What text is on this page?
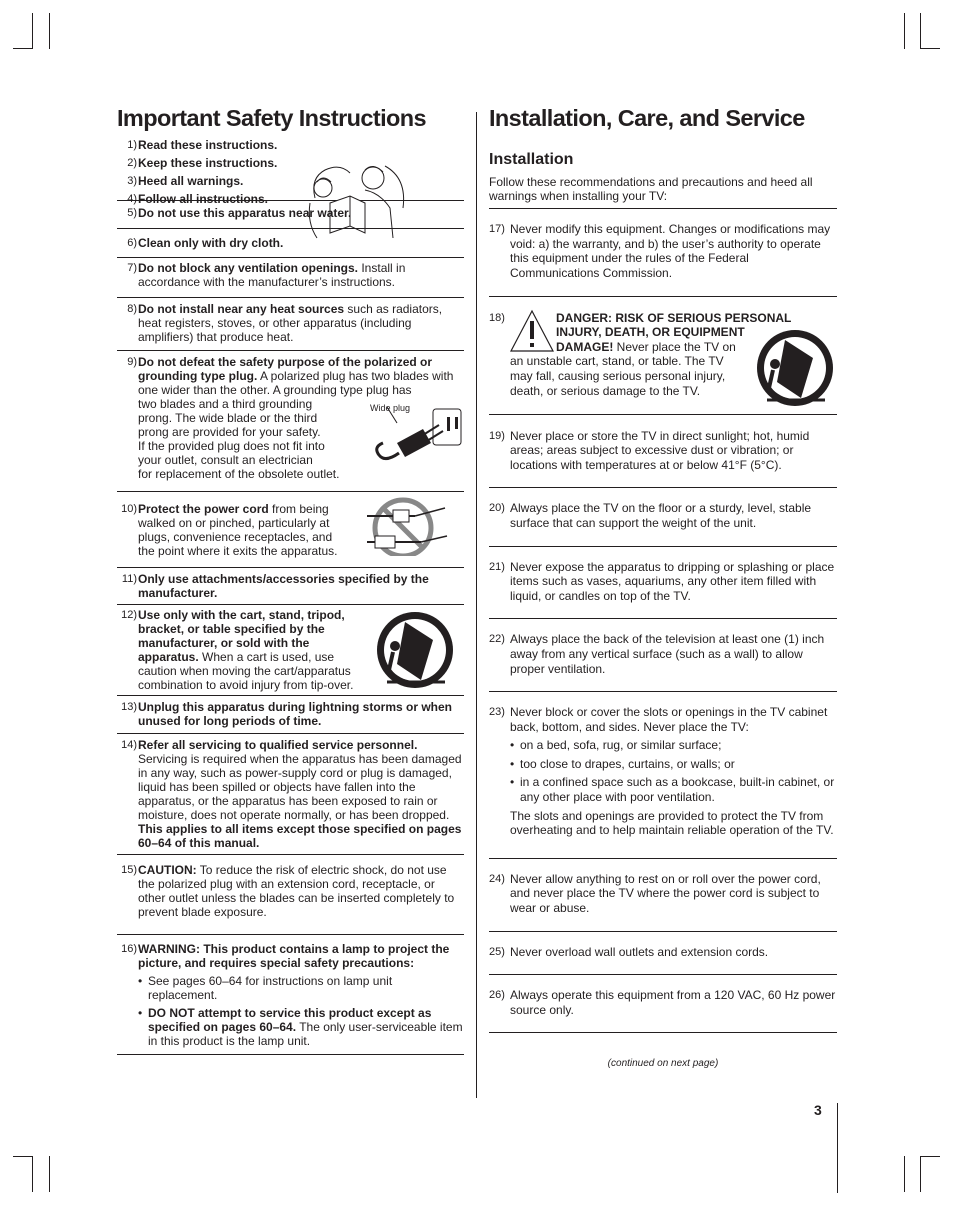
3
Important Safety Instructions
1) Read these instructions.
2) Keep these instructions.
3) Heed all warnings.
4) Follow all instructions.
5) Do not use this apparatus near water.
6) Clean only with dry cloth.
7) Do not block any ventilation openings. Install in accordance with the manufacturer’s instructions.
8) Do not install near any heat sources such as radiators, heat registers, stoves, or other apparatus (including amplifiers) that produce heat.
9) Do not defeat the safety purpose of the polarized or grounding type plug. A polarized plug has two blades with one wider than the other. A grounding type plug has
two blades and a third grounding
prong. The wide blade or the third
prong are provided for your safety.
If the provided plug does not fit into
your outlet, consult an electrician
for replacement of the obsolete outlet.
Wide plug
10) Protect the power cord from being
walked on or pinched, particularly at
plugs, convenience receptacles, and
the point where it exits the apparatus.
11) Only use attachments/accessories specified by the manufacturer.
12) Use only with the cart, stand, tripod,
bracket, or table specified by the
manufacturer, or sold with the
apparatus. When a cart is used, use
caution when moving the cart/apparatus
combination to avoid injury from tip-over.
13) Unplug this apparatus during lightning storms or when unused for long periods of time.
14) Refer all servicing to qualified service personnel. Servicing is required when the apparatus has been damaged in any way, such as power-supply cord or plug is damaged, liquid has been spilled or objects have fallen into the apparatus, or the apparatus has been exposed to rain or moisture, does not operate normally, or has been dropped. This applies to all items except those specified on pages 60–64 of this manual.
15) CAUTION: To reduce the risk of electric shock, do not use the polarized plug with an extension cord, receptacle, or other outlet unless the blades can be inserted completely to prevent blade exposure.
16) WARNING: This product contains a lamp to project the picture, and requires special safety precautions:
• See pages 60–64 for instructions on lamp unit replacement.
• DO NOT attempt to service this product except as specified on pages 60–64. The only user-serviceable item in this product is the lamp unit.
Installation, Care, and Service
Installation
Follow these recommendations and precautions and heed all warnings when installing your TV:
17) Never modify this equipment. Changes or modifications may void: a) the warranty, and b) the user’s authority to operate this equipment under the rules of the Federal Communications Commission.
18)	DANGER: RISK OF SERIOUS PERSONAL
INJURY, DEATH, OR EQUIPMENT
DAMAGE! Never place the TV on
an unstable cart, stand, or table. The TV
may fall, causing serious personal injury,
death, or serious damage to the TV.
19) Never place or store the TV in direct sunlight; hot, humid areas; areas subject to excessive dust or vibration; or locations with temperatures at or below 41°F (5°C).
20) Always place the TV on the floor or a sturdy, level, stable surface that can support the weight of the unit.
21) Never expose the apparatus to dripping or splashing or place items such as vases, aquariums, any other item filled with liquid, or candles on top of the TV.
22) Always place the back of the television at least one (1) inch away from any vertical surface (such as a wall) to allow proper ventilation.
23) Never block or cover the slots or openings in the TV cabinet back, bottom, and sides. Never place the TV:
• on a bed, sofa, rug, or similar surface;
• too close to drapes, curtains, or walls; or
• in a confined space such as a bookcase, built-in cabinet, or any other place with poor ventilation.
The slots and openings are provided to protect the TV from overheating and to help maintain reliable operation of the TV.
24) Never allow anything to rest on or roll over the power cord, and never place the TV where the power cord is subject to wear or abuse.
25) Never overload wall outlets and extension cords.
26) Always operate this equipment from a 120 VAC, 60 Hz power source only.
(continued on next page)
